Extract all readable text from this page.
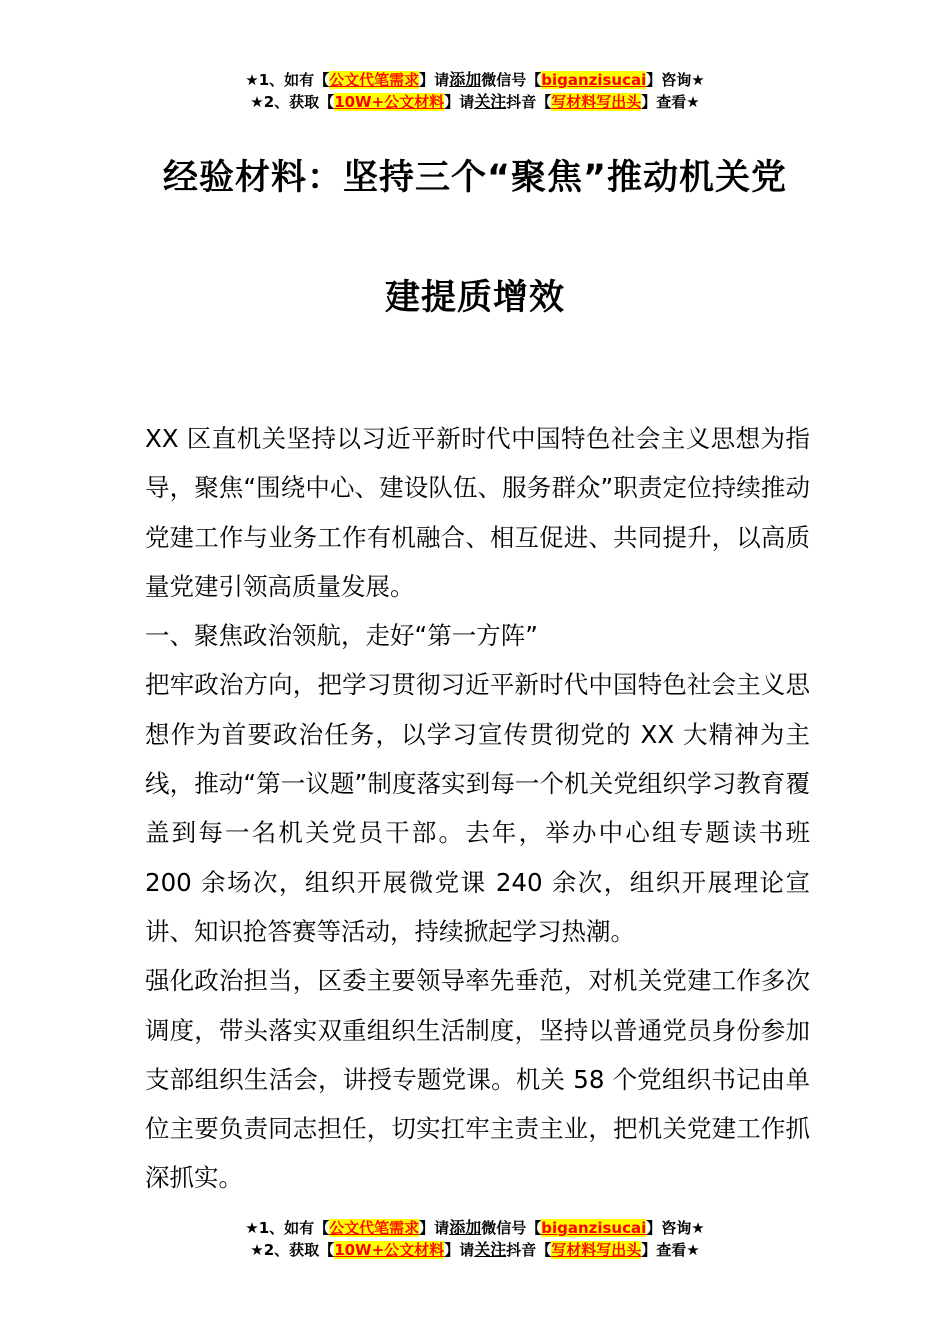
★1、如有【公文代笔需求】请添加微信号【biganzisucai】咨询★
★2、获取【10W+公文材料】请关注抖音【写材料写出头】查看★
经验材料：坚持三个“聚焦”推动机关党
建提质增效

XX 区直机关坚持以习近平新时代中国特色社会主义思想为指导，聚焦“围绕中心、建设队伍、服务群众”职责定位持续推动党建工作与业务工作有机融合、相互促进、共同提升，以高质量党建引领高质量发展。

一、聚焦政治领航，走好“第一方阵”

把牢政治方向，把学习贯彻习近平新时代中国特色社会主义思想作为首要政治任务，以学习宣传贯彻党的 XX 大精神为主线，推动“第一议题”制度落实到每一个机关党组织学习教育覆盖到每一名机关党员干部。去年，举办中心组专题读书班 200 余场次，组织开展微党课 240 余次，组织开展理论宣讲、知识抢答赛等活动，持续掀起学习热潮。

强化政治担当，区委主要领导率先垂范，对机关党建工作多次调度，带头落实双重组织生活制度，坚持以普通党员身份参加支部组织生活会，讲授专题党课。机关 58 个党组织书记由单位主要负责同志担任，切实扛牢主责主业，把机关党建工作抓深抓实。

★1、如有【公文代笔需求】请添加微信号【biganzisucai】咨询★
★2、获取【10W+公文材料】请关注抖音【写材料写出头】查看★
